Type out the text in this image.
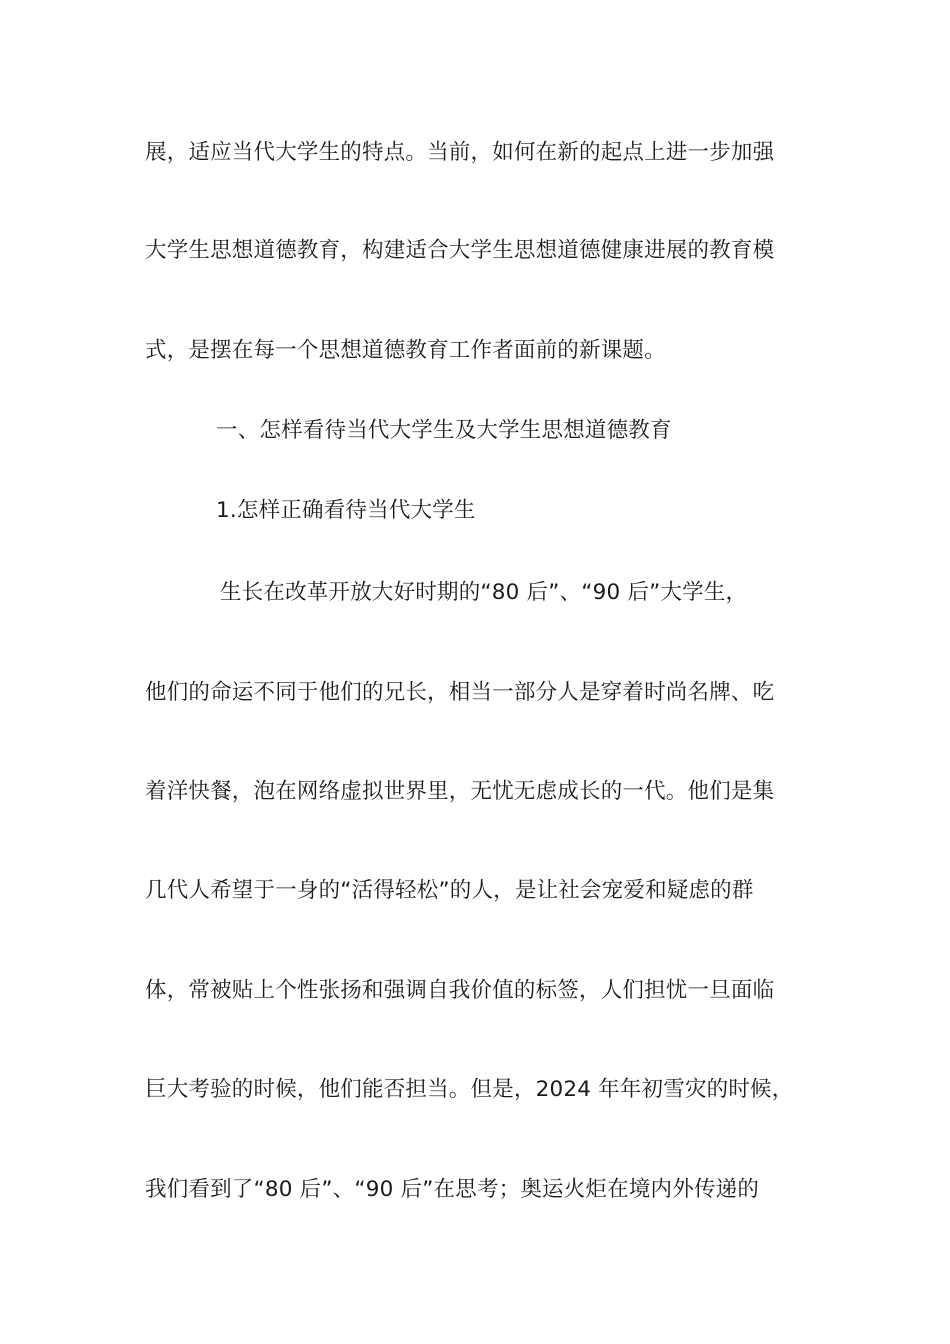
展，适应当代大学生的特点。当前，如何在新的起点上进一步加强
大学生思想道德教育，构建适合大学生思想道德健康进展的教育模
式，是摆在每一个思想道德教育工作者面前的新课题。
一、怎样看待当代大学生及大学生思想道德教育
1.怎样正确看待当代大学生
生长在改革开放大好时期的“80 后”、“90 后”大学生，
他们的命运不同于他们的兄长，相当一部分人是穿着时尚名牌、吃
着洋快餐，泡在网络虚拟世界里，无忧无虑成长的一代。他们是集
几代人希望于一身的“活得轻松”的人，是让社会宠爱和疑虑的群
体，常被贴上个性张扬和强调自我价值的标签，人们担忧一旦面临
巨大考验的时候，他们能否担当。但是，2024 年年初雪灾的时候，
我们看到了“80 后”、“90 后”在思考；奥运火炬在境内外传递的
